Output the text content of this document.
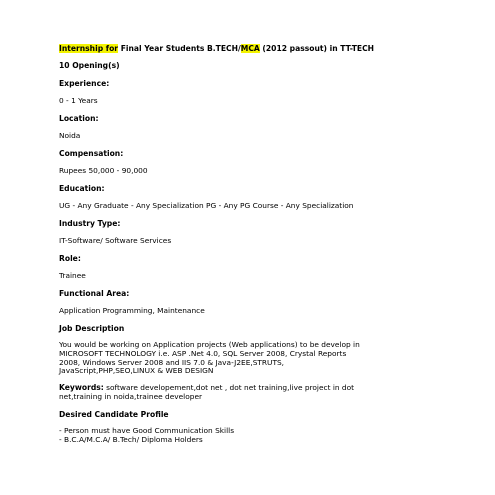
Internship for Final Year Students B.TECH/MCA (2012 passout) in TT-TECH
10 Opening(s)
Experience:
0 - 1 Years
Location:
Noida
Compensation:
Rupees 50,000 - 90,000
Education:
UG - Any Graduate - Any Specialization PG - Any PG Course - Any Specialization
Industry Type:
IT-Software/ Software Services
Role:
Trainee
Functional Area:
Application Programming, Maintenance
Job Description
You would be working on Application projects (Web applications) to be develop in
MICROSOFT TECHNOLOGY i.e. ASP .Net 4.0, SQL Server 2008, Crystal Reports
2008, Windows Server 2008 and IIS 7.0 & Java-J2EE,STRUTS,
JavaScript,PHP,SEO,LINUX & WEB DESIGN
Keywords: software developement,dot net , dot net training,live project in dot
net,training in noida,trainee developer
Desired Candidate Profile
- Person must have Good Communication Skills
- B.C.A/M.C.A/ B.Tech/ Diploma Holders
